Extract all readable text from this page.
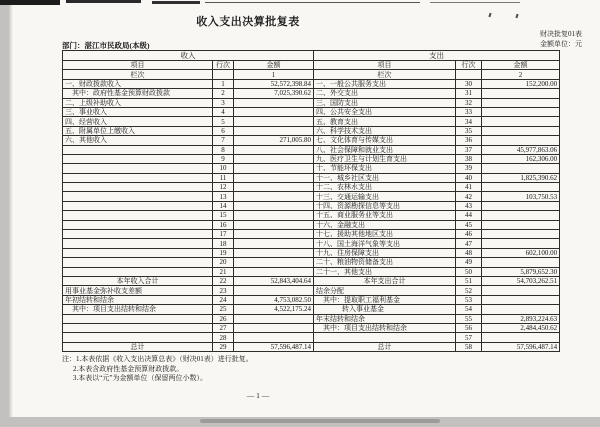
收入支出决算批复表
财决批复01表
金额单位：元
部门：湛江市民政局(本级)
收入			支出		
项目	行次	金额	项目	行次	金额
栏次		1	栏次		2
一、财政拨款收入	1	52,572,398.84	一、一般公共服务支出	30	152,200.00
其中：政府性基金预算财政拨款	2	7,025,390.62	二、外交支出	31	
二、上级补助收入	3		三、国防支出	32	
三、事业收入	4		四、公共安全支出	33	
四、经营收入	5		五、教育支出	34	
五、附属单位上缴收入	6		六、科学技术支出	35	
六、其他收入	7	271,005.80	七、文化体育与传媒支出	36	
	8		八、社会保障和就业支出	37	45,977,863.06
	9		九、医疗卫生与计划生育支出	38	162,306.00
	10		十、节能环保支出	39	
	11		十一、城乡社区支出	40	1,825,390.62
	12		十二、农林水支出	41	
	13		十三、交通运输支出	42	103,750.53
	14		十四、资源勘探信息等支出	43	
	15		十五、商业服务业等支出	44	
	16		十六、金融支出	45	
	17		十七、援助其他地区支出	46	
	18		十八、国土海洋气象等支出	47	
	19		十九、住房保障支出	48	602,100.00
	20		二十、粮油物资储备支出	49	
	21		二十一、其他支出	50	5,879,652.30
本年收入合计	22	52,843,404.64	本年支出合计	51	54,703,262.51
用事业基金弥补收支差额	23		结余分配	52	
年初结转和结余	24	4,753,082.50	其中：提取职工福利基金	53	
其中：项目支出结转和结余	25	4,522,175.24	转入事业基金	54	
	26		年末结转和结余	55	2,893,224.63
	27		其中：项目支出结转和结余	56	2,484,450.62
	28			57	
总计	29	57,596,487.14	总计	58	57,596,487.14
注：1.本表依据《收入支出决算总表》（财决01表）进行批复。
2.本表含政府性基金预算财政拨款。
3.本表以“元”为金额单位（保留两位小数）。
— 1 —
